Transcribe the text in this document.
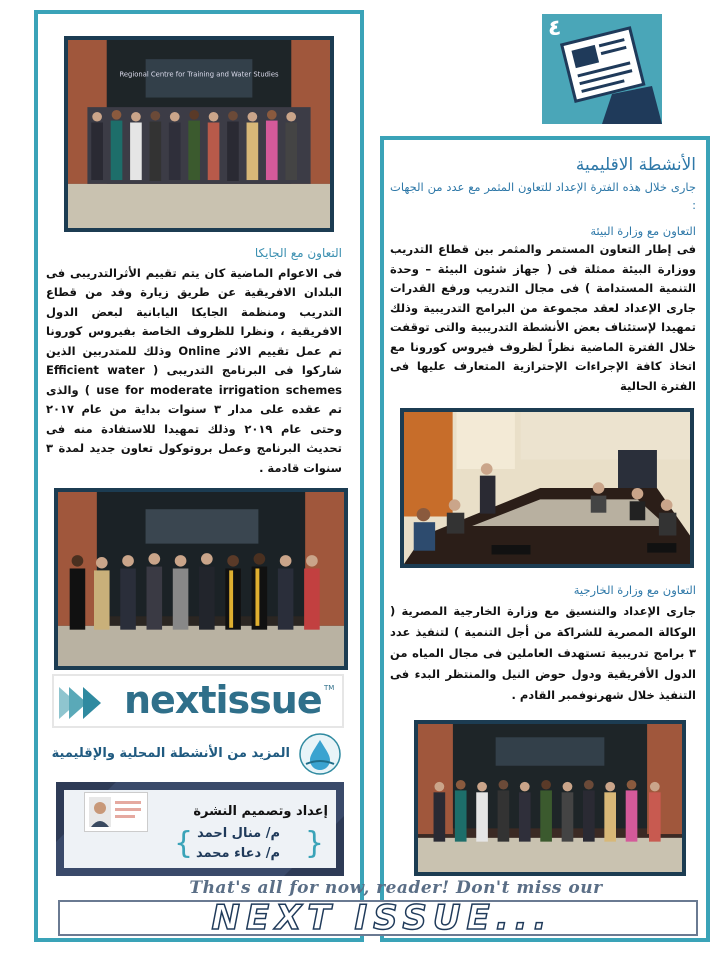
Regional Centre for Training and Water Studies
التعاون مع الجايكا
فى الاعوام الماضية كان يتم تقييم الأثرالتدريبى فى البلدان الافريقية عن طريق زيارة وفد من قطاع التدريب ومنظمة الجايكا اليابانية لبعض الدول الافريقية ، ونظرا للظروف الخاصة بفيروس كورونا تم عمل تقييم الاثر Online وذلك للمتدربين الذين شاركوا فى البرنامج التدريبى ( Efficient water use for moderate irrigation schemes ) والذى تم عقده على مدار ٣ سنوات بداية من عام ٢٠١٧ وحتى عام ٢٠١٩ وذلك تمهيدا للاستفادة منه فى تحديث البرنامج وعمل بروتوكول تعاون جديد لمدة ٣ سنوات قادمة .
nextissue TM
المزيد من الأنشطة المحلية والإقليمية
إعداد وتصميم النشرة
{	}
م/ منال احمد
م/ دعاء محمد
٤
الأنشطة الاقليمية
جارى خلال هذه الفترة الإعداد للتعاون المثمر مع عدد من الجهات :
التعاون مع وزارة البيئة
فى إطار التعاون المستمر والمثمر بين قطاع التدريب ووزارة البيئة ممثلة فى ( جهاز شئون البيئة – وحدة التنمية المستدامة ) فى مجال التدريب ورفع القدرات جارى الإعداد لعقد مجموعة من البرامج التدريبية وذلك تمهيدا لإستئناف بعض الأنشطة التدريبية والتى توقفت خلال الفترة الماضية نظراً لظروف فيروس كورونا مع اتخاذ كافة الإجراءات الإحترازية المتعارف عليها فى الفترة الحالية
التعاون مع وزارة الخارجية
جارى الإعداد والتنسيق مع وزارة الخارجية المصرية ( الوكالة المصرية للشراكة من أجل التنمية ) لتنفيذ عدد ٣ برامج تدريبية تستهدف العاملين فى مجال المياه من الدول الأفريقية ودول حوض النيل والمنتظر البدء فى التنفيذ خلال شهرنوفمبر القادم .
That's all for now, reader! Don't miss our
NEXT ISSUE...
